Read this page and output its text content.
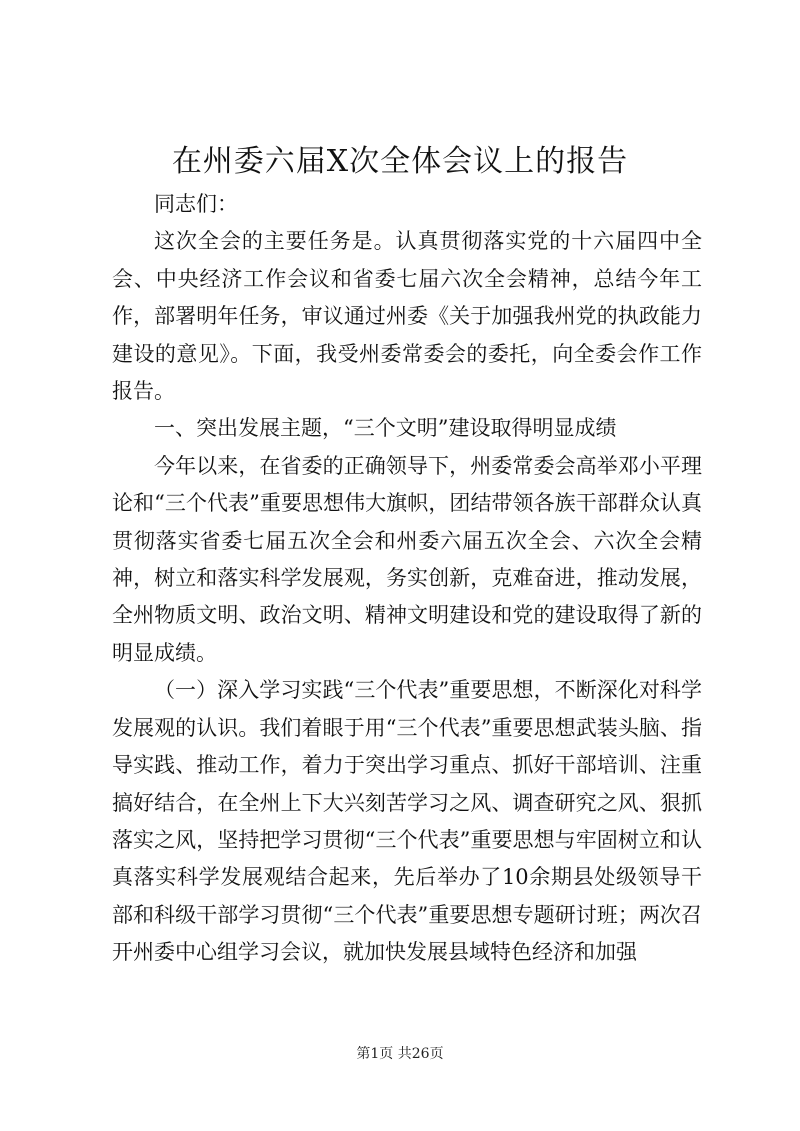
在州委六届X次全体会议上的报告

同志们：

这次全会的主要任务是。认真贯彻落实党的十六届四中全会、中央经济工作会议和省委七届六次全会精神，总结今年工作，部署明年任务，审议通过州委《关于加强我州党的执政能力建设的意见》。下面，我受州委常委会的委托，向全委会作工作报告。

一、突出发展主题，“三个文明”建设取得明显成绩

今年以来，在省委的正确领导下，州委常委会高举邓小平理论和“三个代表”重要思想伟大旗帜，团结带领各族干部群众认真贯彻落实省委七届五次全会和州委六届五次全会、六次全会精神，树立和落实科学发展观，务实创新，克难奋进，推动发展，全州物质文明、政治文明、精神文明建设和党的建设取得了新的明显成绩。

（一）深入学习实践“三个代表”重要思想，不断深化对科学发展观的认识。我们着眼于用“三个代表”重要思想武装头脑、指导实践、推动工作，着力于突出学习重点、抓好干部培训、注重搞好结合，在全州上下大兴刻苦学习之风、调查研究之风、狠抓落实之风，坚持把学习贯彻“三个代表”重要思想与牢固树立和认真落实科学发展观结合起来，先后举办了10余期县处级领导干部和科级干部学习贯彻“三个代表”重要思想专题研讨班；两次召开州委中心组学习会议，就加快发展县域特色经济和加强

第1页 共26页
